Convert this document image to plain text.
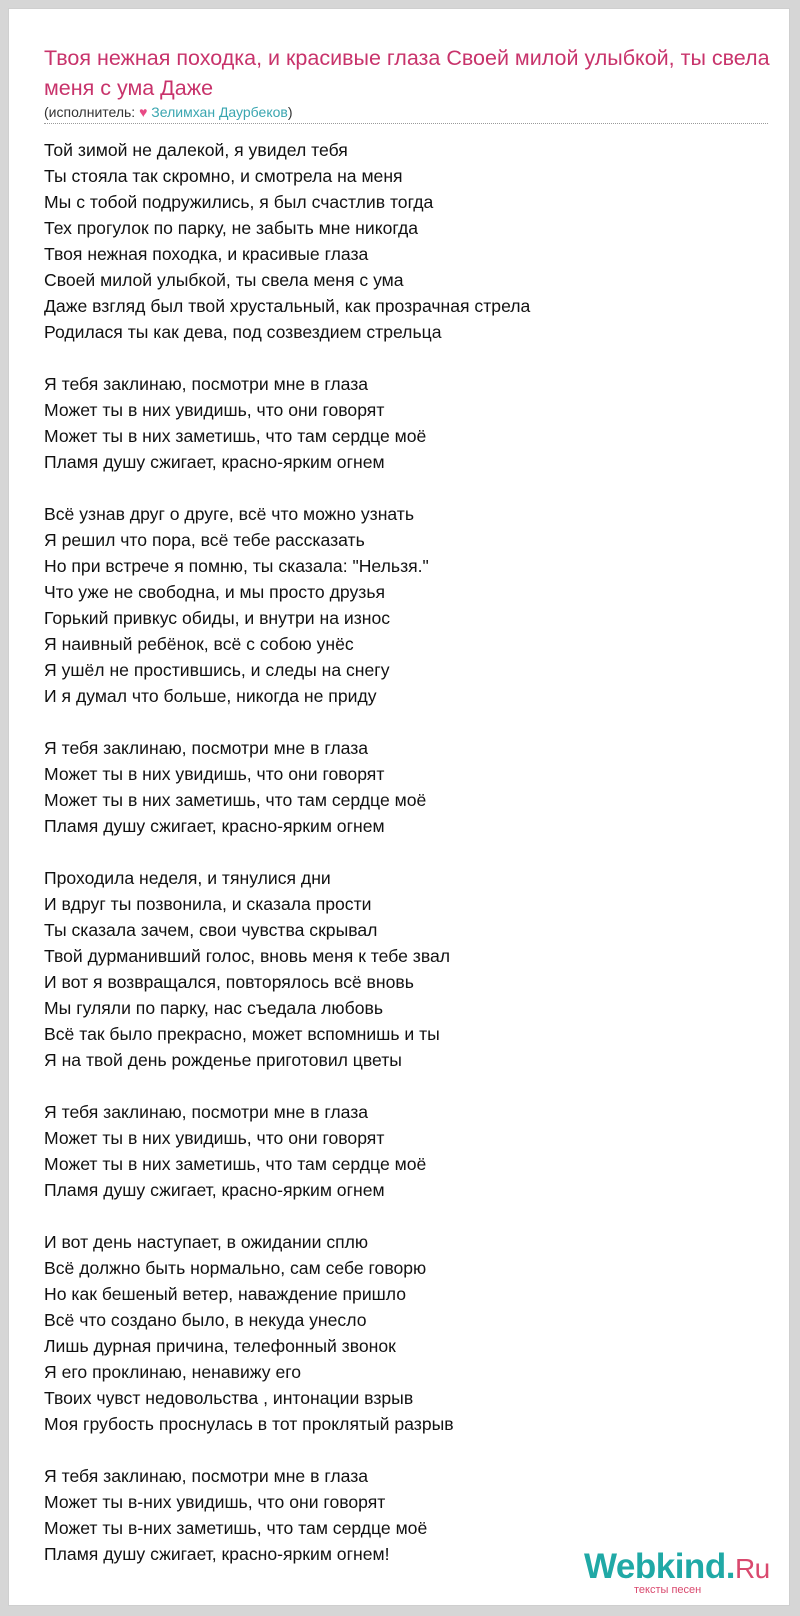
Твоя нежная походка, и красивые глаза Своей милой улыбкой, ты свела меня с ума Даже
(исполнитель: ♥ Зелимхан Даурбеков)
Той зимой не далекой, я увидел тебя
Ты стояла так скромно, и смотрела на меня
Мы с тобой подружились, я был счастлив тогда
Тех прогулок по парку, не забыть мне никогда
Твоя нежная походка, и красивые глаза
Своей милой улыбкой, ты свела меня с ума
Даже взгляд был твой хрустальный, как прозрачная стрела
Родилася ты как дева, под созвездием стрельца
Я тебя заклинаю, посмотри мне в глаза
Может ты в них увидишь, что они говорят
Может ты в них заметишь, что там сердце моё
Пламя душу сжигает, красно-ярким огнем
Всё узнав друг о друге, всё что можно узнать
Я решил что пора, всё тебе рассказать
Но при встрече я помню, ты сказала: "Нельзя."
Что уже не свободна, и мы просто друзья
Горький привкус обиды, и внутри на износ
Я наивный ребёнок, всё с собою унёс
Я ушёл не простившись, и следы на снегу
И я думал что больше, никогда не приду
Я тебя заклинаю, посмотри мне в глаза
Может ты в них увидишь, что они говорят
Может ты в них заметишь, что там сердце моё
Пламя душу сжигает, красно-ярким огнем
Проходила неделя, и тянулися дни
И вдруг ты позвонила, и сказала прости
Ты сказала зачем, свои чувства скрывал
Твой дурманивший голос, вновь меня к тебе звал
И вот я возвращался, повторялось всё вновь
Мы гуляли по парку, нас съедала любовь
Всё так было прекрасно, может вспомнишь и ты
Я на твой день рожденье приготовил цветы
Я тебя заклинаю, посмотри мне в глаза
Может ты в них увидишь, что они говорят
Может ты в них заметишь, что там сердце моё
Пламя душу сжигает, красно-ярким огнем
И вот день наступает, в ожидании сплю
Всё должно быть нормально, сам себе говорю
Но как бешеный ветер, наваждение пришло
Всё что создано было, в некуда унесло
Лишь дурная причина, телефонный звонок
Я его проклинаю, ненавижу его
Твоих чувст недовольства , интонации взрыв
Моя грубость проснулась в тот проклятый разрыв
Я тебя заклинаю, посмотри мне в глаза
Может ты в-них увидишь, что они говорят
Может ты в-них заметишь, что там сердце моё
Пламя душу сжигает, красно-ярким огнем!	Webkind.Ru
тексты песен
